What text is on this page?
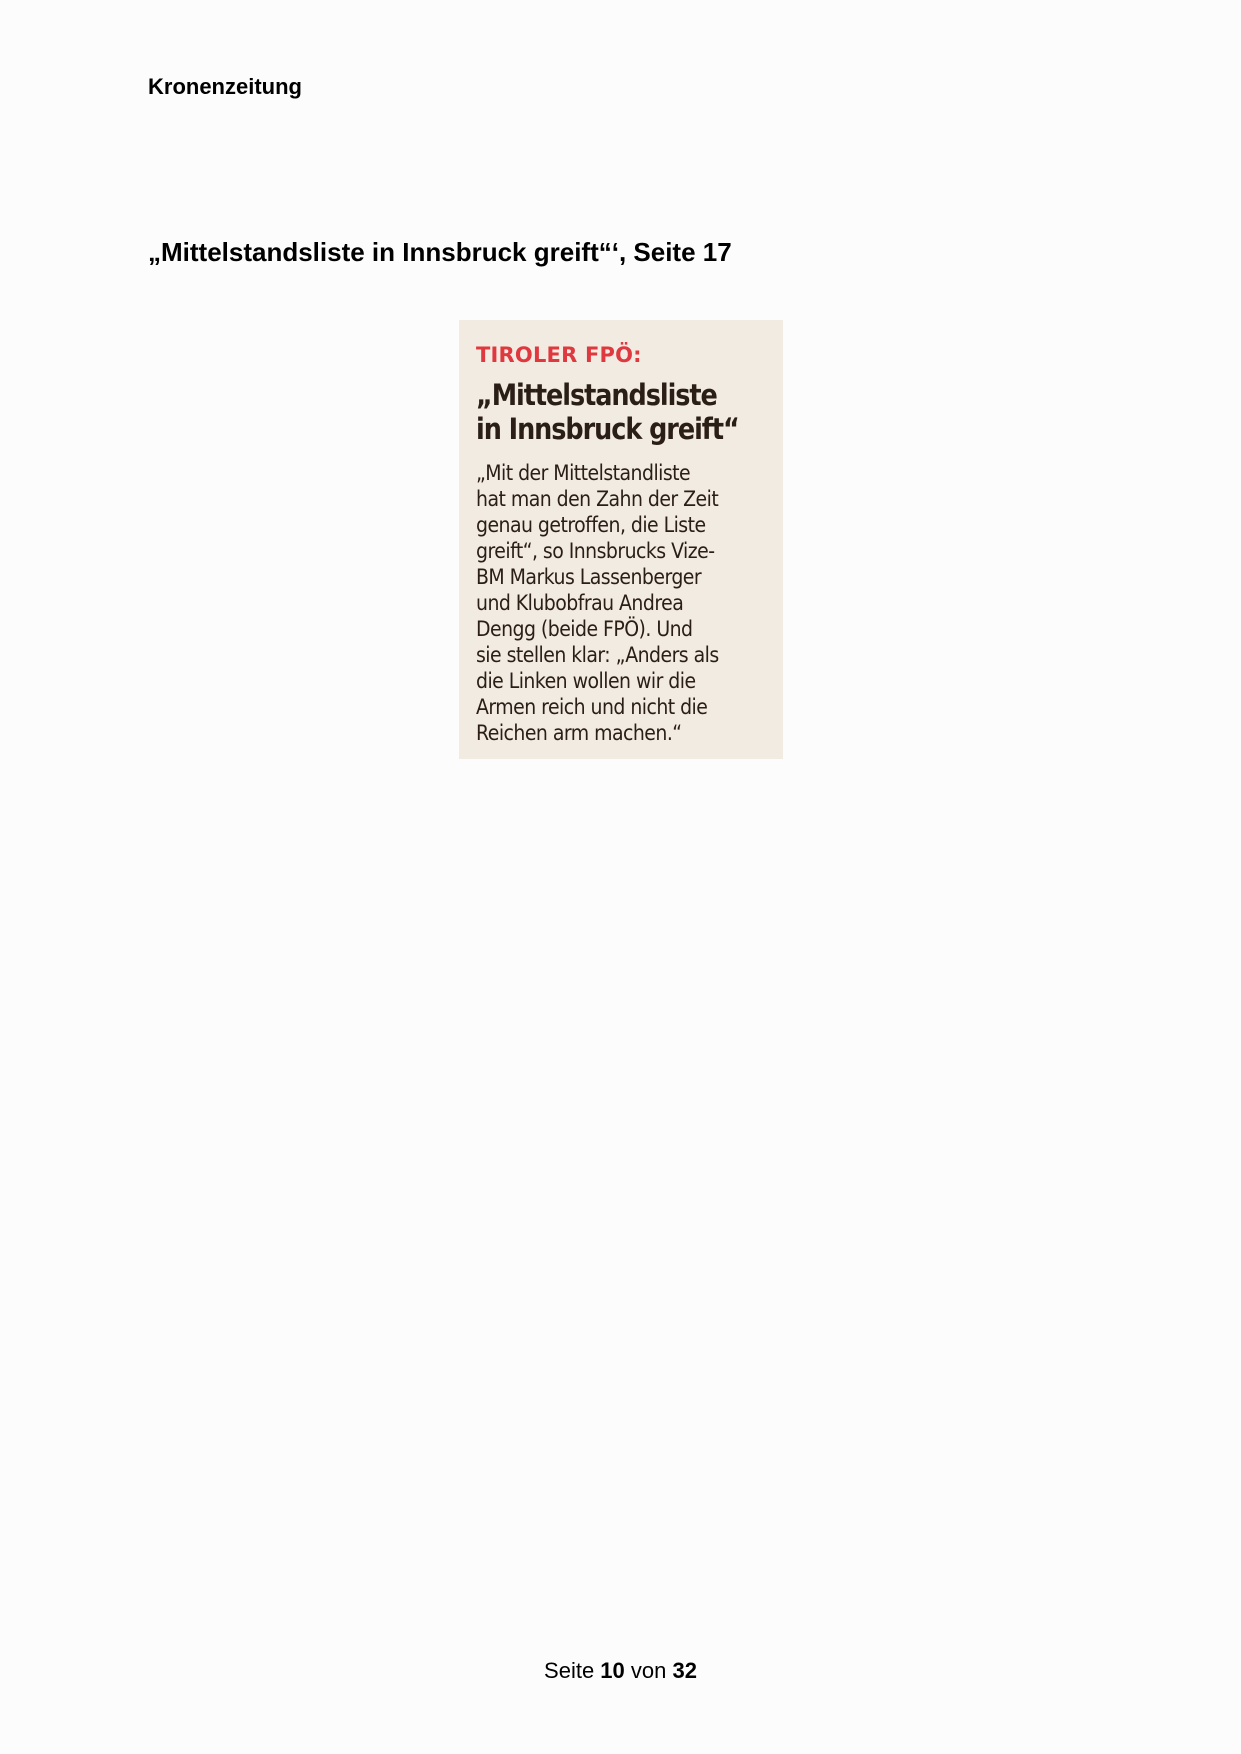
Kronenzeitung
„Mittelstandsliste in Innsbruck greift“‘, Seite 17
TIROLER FPÖ:
„Mittelstandsliste
in Innsbruck greift“
„Mit der Mittelstandliste
hat man den Zahn der Zeit
genau getroffen, die Liste
greift“, so Innsbrucks Vize-
BM Markus Lassenberger
und Klubobfrau Andrea
Dengg (beide FPÖ). Und
sie stellen klar: „Anders als
die Linken wollen wir die
Armen reich und nicht die
Reichen arm machen.“
Seite 10 von 32
